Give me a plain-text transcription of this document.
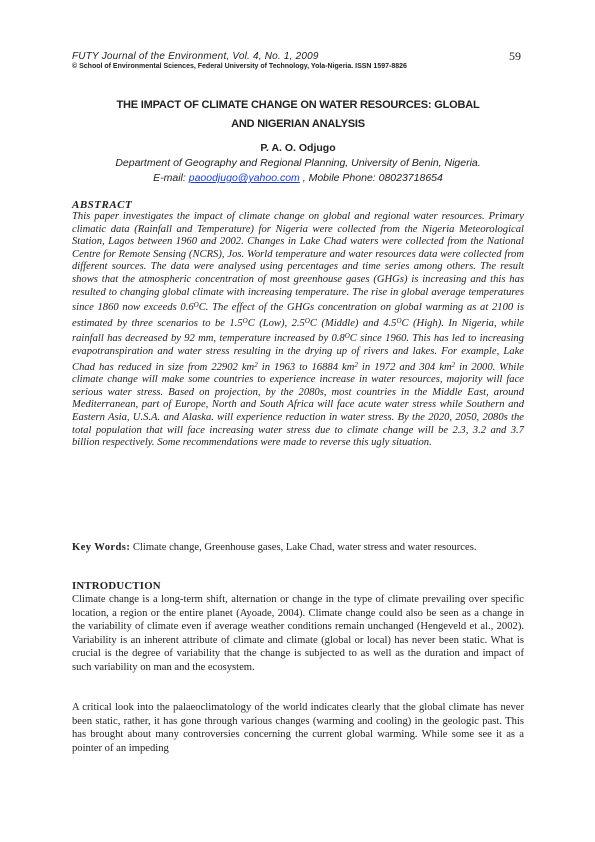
FUTY Journal of the Environment, Vol. 4, No. 1, 2009	59
© School of Environmental Sciences, Federal University of Technology, Yola-Nigeria. ISSN 1597-8826
THE IMPACT OF CLIMATE CHANGE ON WATER RESOURCES: GLOBAL
AND NIGERIAN ANALYSIS
P. A. O. Odjugo
Department of Geography and Regional Planning, University of Benin, Nigeria.
E-mail: paoodjugo@yahoo.com , Mobile Phone: 08023718654
ABSTRACT

This paper investigates the impact of climate change on global and regional water resources. Primary climatic data (Rainfall and Temperature) for Nigeria were collected from the Nigeria Meteorological Station, Lagos between 1960 and 2002. Changes in Lake Chad waters were collected from the National Centre for Remote Sensing (NCRS), Jos. World temperature and water resources data were collected from different sources. The data were analysed using percentages and time series among others. The result shows that the atmospheric concentration of most greenhouse gases (GHGs) is increasing and this has resulted to changing global climate with increasing temperature. The rise in global average temperatures since 1860 now exceeds $0.6^OC$. The effect of the GHGs concentration on global warming as at 2100 is estimated by three scenarios to be $1.5^OC$ (Low), $2.5^OC$ (Middle) and $4.5^OC$ (High). In Nigeria, while rainfall has decreased by 92 mm, temperature increased by $0.8^OC$ since 1960. This has led to increasing evapotranspiration and water stress resulting in the drying up of rivers and lakes. For example, Lake Chad has reduced in size from 22902 $km^2$ in 1963 to 16884 $km^2$ in 1972 and 304 $km^2$ in 2000. While climate change will make some countries to experience increase in water resources, majority will face serious water stress. Based on projection, by the 2080s, most countries in the Middle East, around Mediterranean, part of Europe, North and South Africa will face acute water stress while Southern and Eastern Asia, U.S.A. and Alaska. will experience reduction in water stress. By the 2020, 2050, 2080s the total population that will face increasing water stress due to climate change will be 2.3, 3.2 and 3.7 billion respectively. Some recommendations were made to reverse this ugly situation.

Key Words: Climate change, Greenhouse gases, Lake Chad, water stress and water resources.
INTRODUCTION

Climate change is a long-term shift, alternation or change in the type of climate prevailing over specific location, a region or the entire planet (Ayoade, 2004). Climate change could also be seen as a change in the variability of climate even if average weather conditions remain unchanged (Hengeveld et al., 2002). Variability is an inherent attribute of climate and climate (global or local) has never been static. What is crucial is the degree of variability that the change is subjected to as well as the duration and impact of such variability on man and the ecosystem.

A critical look into the palaeoclimatology of the world indicates clearly that the global climate has never been static, rather, it has gone through various changes (warming and cooling) in the geologic past. This has brought about many controversies concerning the current global warming. While some see it as a pointer of an impeding
